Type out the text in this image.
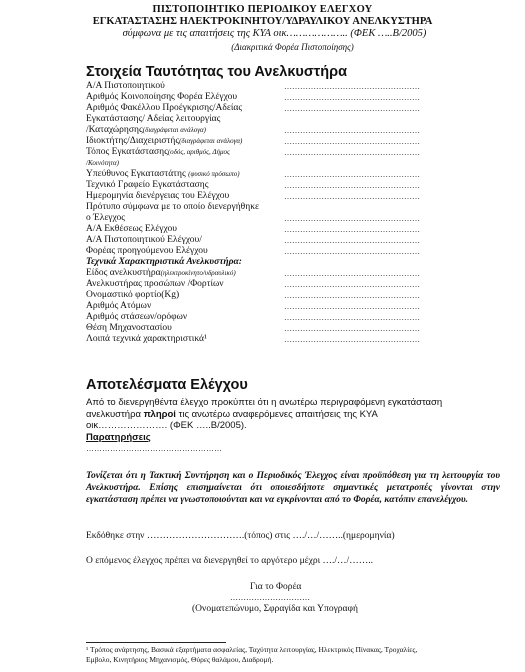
ΠΙΣΤΟΠΟΙΗΤΙΚΟ ΠΕΡΙΟΔΙΚΟΥ ΕΛΕΓΧΟΥ
ΕΓΚΑΤΑΣΤΑΣΗΣ ΗΛΕΚΤΡΟΚΙΝΗΤΟΥ/ΥΔΡΑΥΛΙΚΟΥ ΑΝΕΛΚΥΣΤΗΡΑ
σύμφωνα με τις απαιτήσεις της ΚΥΑ οικ……………….. (ΦΕΚ …..Β/2005)
(Διακριτικά Φορέα Πιστοποίησης)
Στοιχεία Ταυτότητας του Ανελκυστήρα
Α/Α Πιστοποιητικού	……………………………………………
Αριθμός Κοινοποίησης Φορέα Ελέγχου	……………………………………………
Αριθμός Φακέλλου Πρoέγκρισης/Αδείας	……………………………………………
Εγκατάστασης/ Αδείας λειτουργίας
/Καταχώρησης(διαγράφεται ανάλογα)	……………………………………………
Ιδιοκτήτης/Διαχειριστής(διαγράφεται ανάλογα)	……………………………………………
Τόπος Εγκατάστασης(οδός, αριθμός, Δήμος	……………………………………………
/Κοινότητα)
Υπεύθυνος Εγκαταστάτης (φυσικό πρόσωπο)	……………………………………………
Τεχνικό Γραφείο Εγκατάστασης	……………………………………………
Ημερομηνία διενέργειας του Ελέγχου	……………………………………………
Πρότυπο σύμφωνα με το οποίο διενεργήθηκε
ο Έλεγχος	……………………………………………
Α/Α Εκθέσεως Ελέγχου	……………………………………………
Α/Α Πιστοποιητικού Ελέγχου/	……………………………………………
Φορέας προηγούμενου Ελέγχου	……………………………………………
Τεχνικά Χαρακτηριστικά Ανελκυστήρα:
Είδος ανελκυστήρα(ηλεκτροκίνητο/υδραυλικό)	……………………………………………
Ανελκυστήρας προσώπων /Φορτίων	……………………………………………
Ονομαστικό φορτίο(Kg)	……………………………………………
Αριθμός Ατόμων	……………………………………………
Αριθμός στάσεων/ορόφων	……………………………………………
Θέση Μηχανοστασίου	……………………………………………
Λοιπά τεχνικά χαρακτηριστικά¹	……………………………………………
Αποτελέσματα Ελέγχου
Από το διενεργηθέντα έλεγχο προκύπτει ότι η ανωτέρω περιγραφόμενη εγκατάσταση
ανελκυστήρα πληροί τις ανωτέρω αναφερόμενες απαιτήσεις της ΚΥΑ
οικ…………………. (ΦΕΚ …..Β/2005).
Παρατηρήσεις
……………………………………………
Τονίζεται ότι η Τακτική Συντήρηση και ο Περιοδικός Έλεγχος είναι προϋπόθεση για τη λειτουργία του Ανελκυστήρα. Επίσης επισημαίνεται ότι οποιεσδήποτε σημαντικές μετατροπές γίνονται στην εγκατάσταση πρέπει να γνωστοποιούνται και να εγκρίνονται από το Φορέα, κατόπιν επανελέγχου.
Εκδόθηκε στην ………………………….(τόπος) στις …./…/……..(ημερομηνία)
Ο επόμενος έλεγχος πρέπει να διενεργηθεί το αργότερο μέχρι …./…/……..
Για το Φορέα
…………………………
(Ονοματεπώνυμο, Σφραγίδα και Υπογραφή
¹ Τρόπος ανάρτησης, Βασικά εξαρτήματα ασφαλείας, Ταχύτητα λειτουργίας, Ηλεκτρικός Πίνακας, Τροχαλίες,
Εμβολο, Κινητήριος Μηχανισμός, Θύρες θαλάμου, Διαδρομή.
